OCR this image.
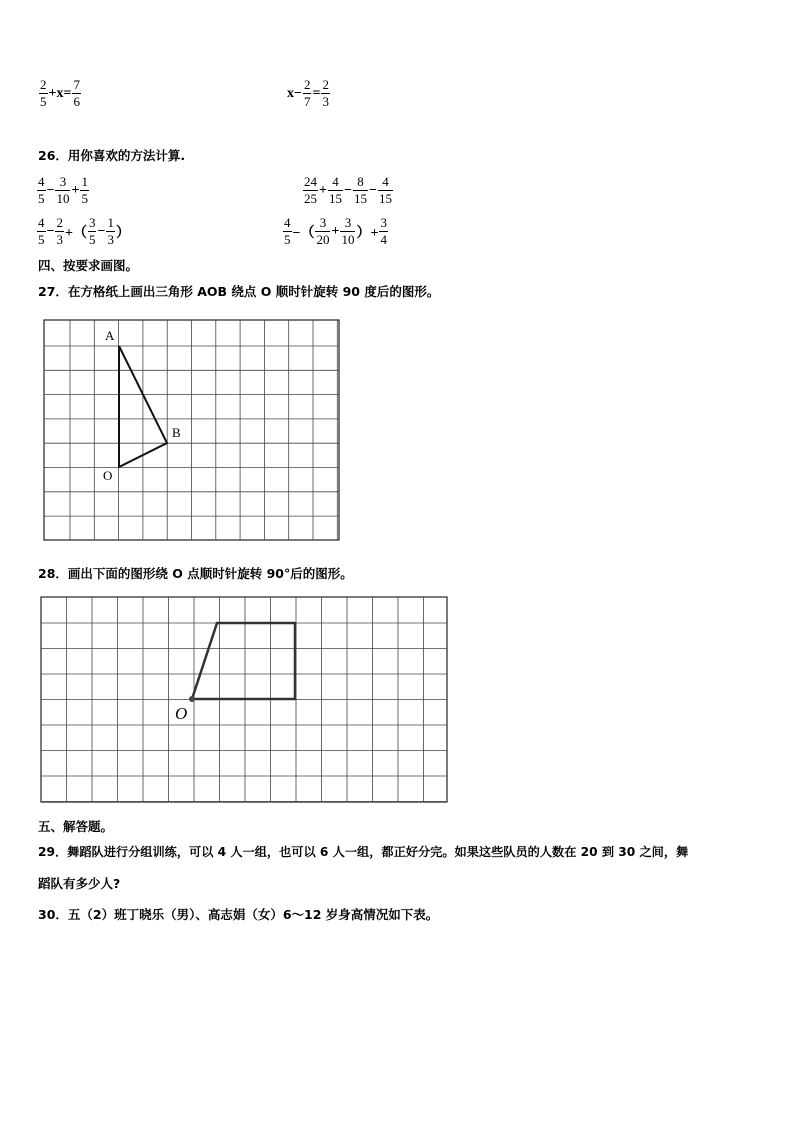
$\frac{2}{5} +x= \frac{7}{6}$	$x- \frac{2}{7} = \frac{2}{3}$
26．用你喜欢的方法计算.
$\frac{4}{5} - \frac{3}{10} + \frac{1}{5}$	$\frac{24}{25} + \frac{4}{15} - \frac{8}{15} - \frac{4}{15}$
$\frac{4}{5} - \frac{2}{3}$ +（ $\frac{3}{5} - \frac{1}{3}$ ）	$\frac{4}{5}$ −（ $\frac{3}{20} + \frac{3}{10}$ ）+ $\frac{3}{4}$
四、按要求画图。
27．在方格纸上画出三角形 AOB 绕点 O 顺时针旋转 90 度后的图形。
A
B
O
O
28．画出下面的图形绕 O 点顺时针旋转 90°后的图形。
五、解答题。
29．舞蹈队进行分组训练，可以 4 人一组，也可以 6 人一组，都正好分完。如果这些队员的人数在 20 到 30 之间，舞
蹈队有多少人?
30．五（2）班丁晓乐（男）、高志娟（女）6～12 岁身高情况如下表。
